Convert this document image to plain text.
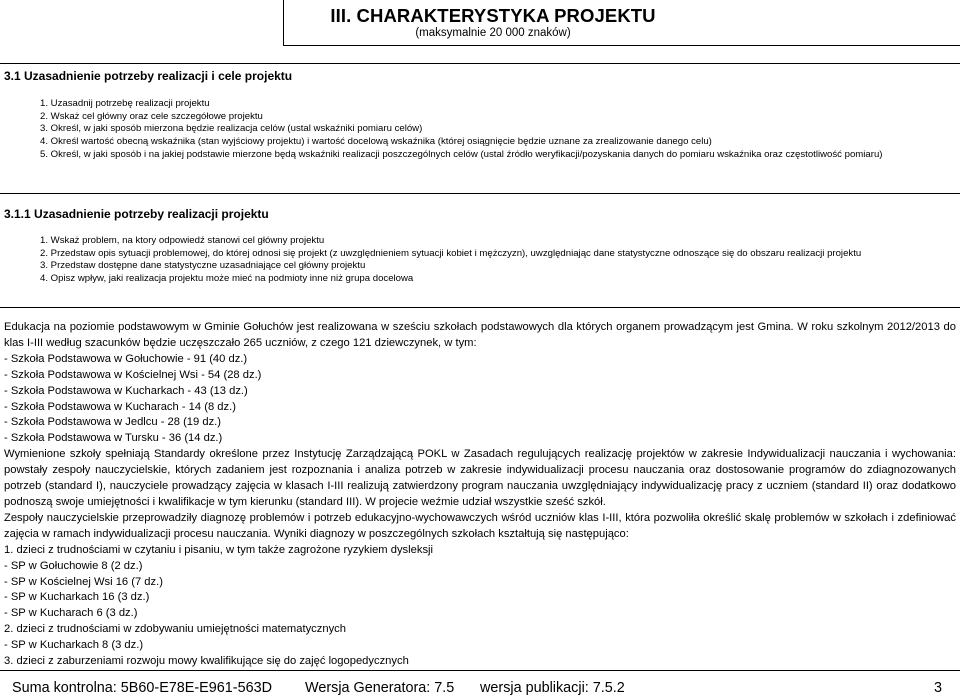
III. CHARAKTERYSTYKA PROJEKTU
(maksymalnie 20 000 znaków)
3.1 Uzasadnienie potrzeby realizacji i cele projektu
1. Uzasadnij potrzebę realizacji projektu
2. Wskaż cel główny oraz cele szczegółowe projektu
3. Określ, w jaki sposób mierzona będzie realizacja celów (ustal wskaźniki pomiaru celów)
4. Określ wartość obecną wskaźnika (stan wyjściowy projektu) i wartość docelową wskaźnika (której osiągnięcie będzie uznane za zrealizowanie danego celu)
5. Określ, w jaki sposób i na jakiej podstawie mierzone będą wskaźniki realizacji poszczególnych celów (ustal źródło weryfikacji/pozyskania danych do pomiaru wskaźnika oraz częstotliwość pomiaru)
3.1.1 Uzasadnienie potrzeby realizacji projektu
1. Wskaż problem, na ktory odpowiedź stanowi cel główny projektu
2. Przedstaw opis sytuacji problemowej, do której odnosi się projekt (z uwzględnieniem sytuacji kobiet i mężczyzn), uwzględniając dane statystyczne odnoszące się do obszaru realizacji projektu
3. Przedstaw dostępne dane statystyczne uzasadniające cel główny projektu
4. Opisz wpływ, jaki realizacja projektu może mieć na podmioty inne niż grupa docelowa
Edukacja na poziomie podstawowym w Gminie Gołuchów jest realizowana w sześciu szkołach podstawowych dla których organem prowadzącym jest Gmina. W roku szkolnym 2012/2013 do klas I-III według szacunków będzie uczęszczało 265 uczniów, z czego 121 dziewczynek, w tym:
- Szkoła Podstawowa w Gołuchowie - 91 (40 dz.)
- Szkoła Podstawowa w Kościelnej Wsi - 54 (28 dz.)
- Szkoła Podstawowa w Kucharkach - 43 (13 dz.)
- Szkoła Podstawowa w Kucharach - 14 (8 dz.)
- Szkoła Podstawowa w Jedlcu - 28 (19 dz.)
- Szkoła Podstawowa w Tursku - 36 (14 dz.)
Wymienione szkoły spełniają Standardy określone przez Instytucję Zarządzającą POKL w Zasadach regulujących realizację projektów w zakresie Indywidualizacji nauczania i wychowania: powstały zespoły nauczycielskie, których zadaniem jest rozpoznania i analiza potrzeb w zakresie indywidualizacji procesu nauczania oraz dostosowanie programów do zdiagnozowanych potrzeb (standard I), nauczyciele prowadzący zajęcia w klasach I-III realizują zatwierdzony program nauczania uwzględniający indywidualizację pracy z uczniem (standard II) oraz dodatkowo podnoszą swoje umiejętności i kwalifikacje w tym kierunku (standard III). W projecie weźmie udział wszystkie sześć szkół.
Zespoły nauczycielskie przeprowadziły diagnozę problemów i potrzeb edukacyjno-wychowawczych wśród uczniów klas I-III, która pozwoliła określić skalę problemów w szkołach i zdefiniować zajęcia w ramach indywidualizacji procesu nauczania. Wyniki diagnozy w poszczególnych szkołach kształtują się następująco:
1. dzieci z trudnościami w czytaniu i pisaniu, w tym także zagrożone ryzykiem dysleksji
- SP w Gołuchowie 8 (2 dz.)
- SP w Kościelnej Wsi 16 (7 dz.)
- SP w Kucharkach 16 (3 dz.)
- SP w Kucharach 6 (3 dz.)
2. dzieci z trudnościami w zdobywaniu umiejętności matematycznych
- SP w Kucharkach 8 (3 dz.)
3. dzieci z zaburzeniami rozwoju mowy kwalifikujące się do zajęć logopedycznych
Suma kontrolna: 5B60-E78E-E961-563D Wersja Generatora: 7.5 wersja publikacji: 7.5.2	3
